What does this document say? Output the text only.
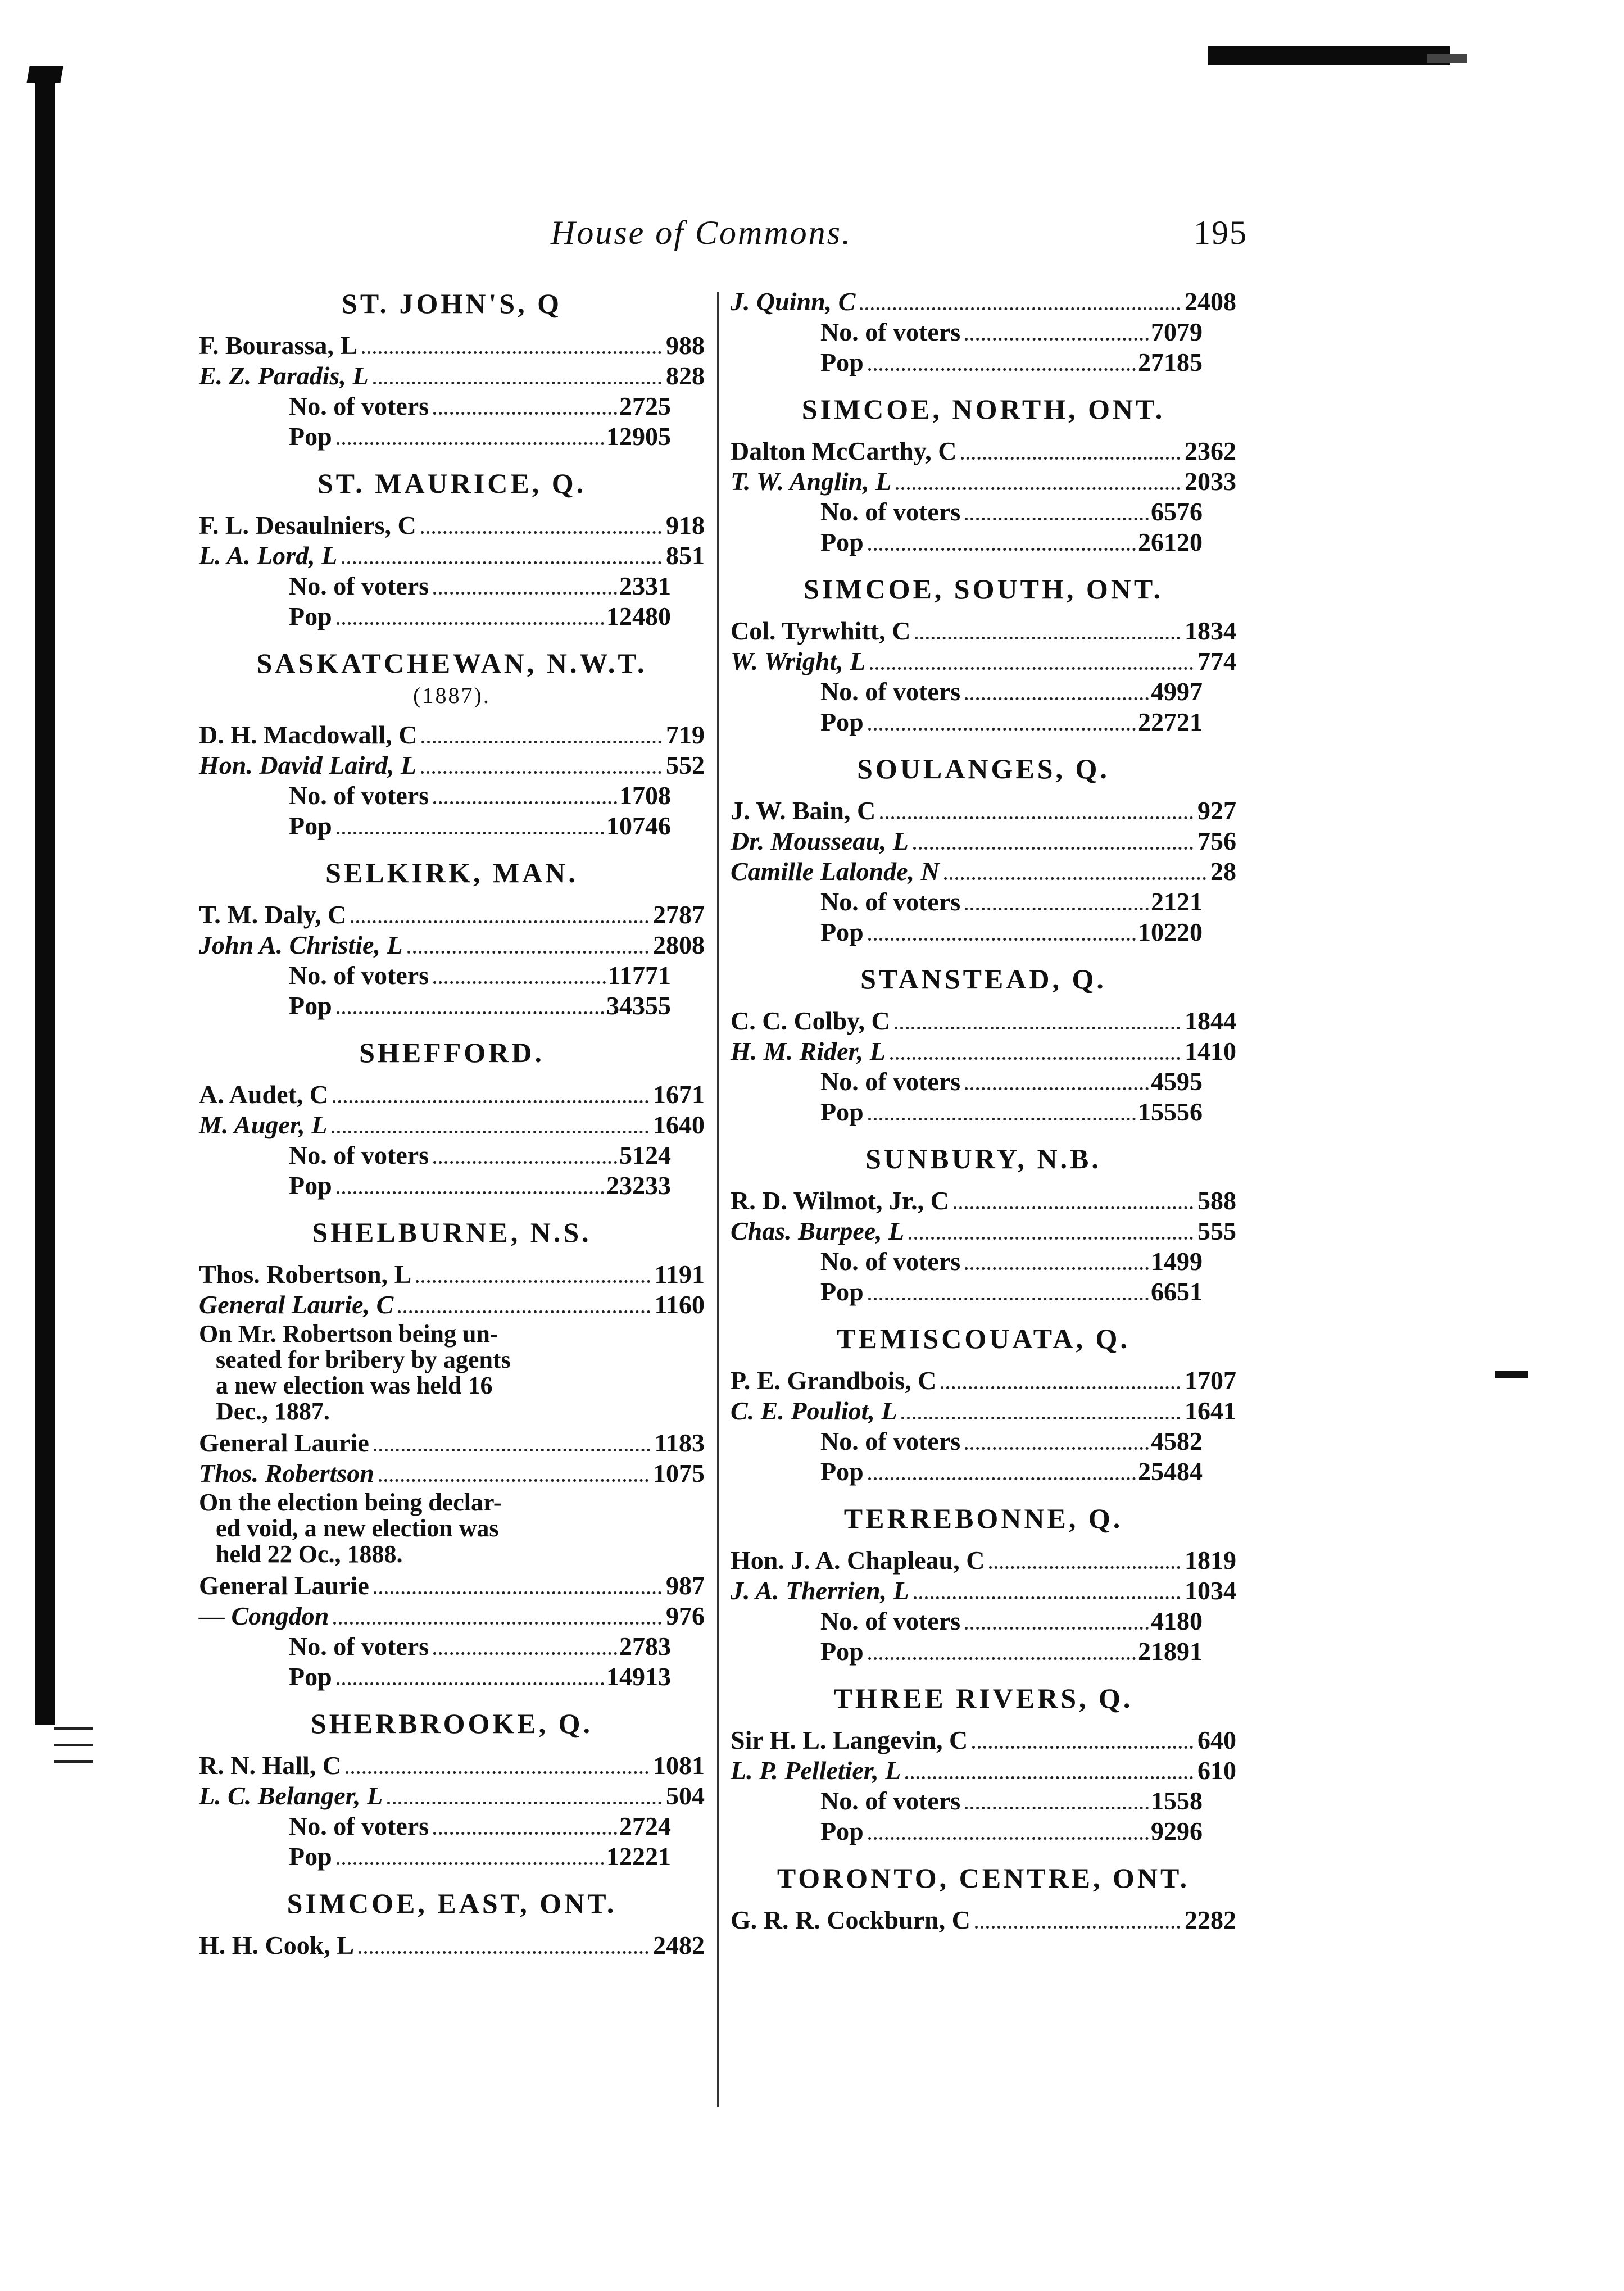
House of Commons.	195
ST. JOHN'S, Q
F. Bourassa, L	988
E. Z. Paradis, L	828
No. of voters	2725
Pop	12905
ST. MAURICE, Q.
F. L. Desaulniers, C	918
L. A. Lord, L	851
No. of voters	2331
Pop	12480
SASKATCHEWAN, N.W.T.
(1887).
D. H. Macdowall, C	719
Hon. David Laird, L	552
No. of voters	1708
Pop	10746
SELKIRK, MAN.
T. M. Daly, C	2787
John A. Christie, L	2808
No. of voters	11771
Pop	34355
SHEFFORD.
A. Audet, C	1671
M. Auger, L	1640
No. of voters	5124
Pop	23233
SHELBURNE, N.S.
Thos. Robertson, L	1191
General Laurie, C	1160
On Mr. Robertson being un-
seated for bribery by agents
a new election was held 16
Dec., 1887.
General Laurie	1183
Thos. Robertson	1075
On the election being declar-
ed void, a new election was
held 22 Oc., 1888.
General Laurie	987
— Congdon	976
No. of voters	2783
Pop	14913
SHERBROOKE, Q.
R. N. Hall, C	1081
L. C. Belanger, L	504
No. of voters	2724
Pop	12221
SIMCOE, EAST, ONT.
H. H. Cook, L	2482
J. Quinn, C	2408
No. of voters	7079
Pop	27185
SIMCOE, NORTH, ONT.
Dalton McCarthy, C	2362
T. W. Anglin, L	2033
No. of voters	6576
Pop	26120
SIMCOE, SOUTH, ONT.
Col. Tyrwhitt, C	1834
W. Wright, L	774
No. of voters	4997
Pop	22721
SOULANGES, Q.
J. W. Bain, C	927
Dr. Mousseau, L	756
Camille Lalonde, N	28
No. of voters	2121
Pop	10220
STANSTEAD, Q.
C. C. Colby, C	1844
H. M. Rider, L	1410
No. of voters	4595
Pop	15556
SUNBURY, N.B.
R. D. Wilmot, Jr., C	588
Chas. Burpee, L	555
No. of voters	1499
Pop	6651
TEMISCOUATA, Q.
P. E. Grandbois, C	1707
C. E. Pouliot, L	1641
No. of voters	4582
Pop	25484
TERREBONNE, Q.
Hon. J. A. Chapleau, C	1819
J. A. Therrien, L	1034
No. of voters	4180
Pop	21891
THREE RIVERS, Q.
Sir H. L. Langevin, C	640
L. P. Pelletier, L	610
No. of voters	1558
Pop	9296
TORONTO, CENTRE, ONT.
G. R. R. Cockburn, C	2282
